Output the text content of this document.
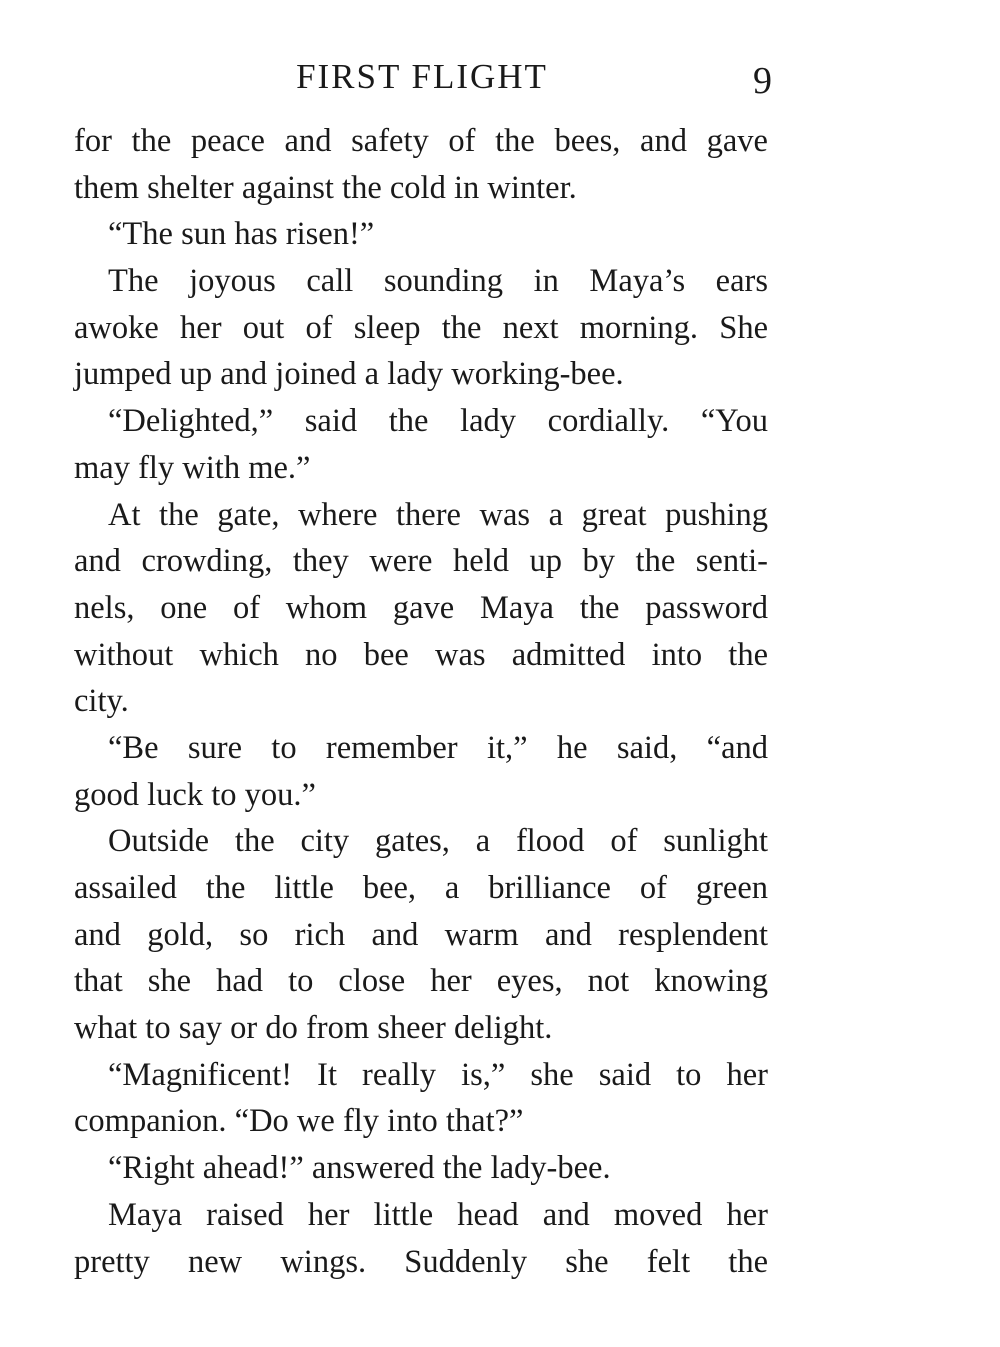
FIRST FLIGHT	9
for the peace and safety of the bees, and gave
them shelter against the cold in winter.
“The sun has risen!”
The joyous call sounding in Maya’s ears
awoke her out of sleep the next morning. She
jumped up and joined a lady working-bee.
“Delighted,” said the lady cordially. “You
may fly with me.”
At the gate, where there was a great pushing
and crowding, they were held up by the senti-
nels, one of whom gave Maya the password
without which no bee was admitted into the
city.
“Be sure to remember it,” he said, “and
good luck to you.”
Outside the city gates, a flood of sunlight
assailed the little bee, a brilliance of green
and gold, so rich and warm and resplendent
that she had to close her eyes, not knowing
what to say or do from sheer delight.
“Magnificent! It really is,” she said to her
companion. “Do we fly into that?”
“Right ahead!” answered the lady-bee.
Maya raised her little head and moved her
pretty new wings. Suddenly she felt the
